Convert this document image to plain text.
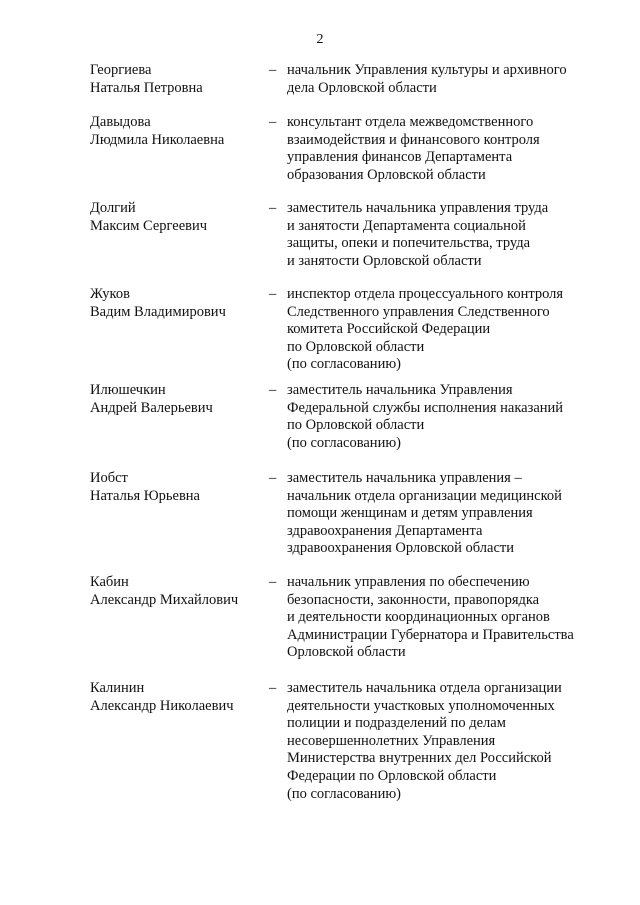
2
Георгиева
Наталья Петровна
– начальник Управления культуры и архивного
дела Орловской области
Давыдова
Людмила Николаевна
– консультант отдела межведомственного
взаимодействия и финансового контроля
управления финансов Департамента
образования Орловской области
Долгий
Максим Сергеевич
– заместитель начальника управления труда
и занятости Департамента социальной
защиты, опеки и попечительства, труда
и занятости Орловской области
Жуков
Вадим Владимирович
– инспектор отдела процессуального контроля
Следственного управления Следственного
комитета Российской Федерации
по Орловской области
(по согласованию)
Илюшечкин
Андрей Валерьевич
– заместитель начальника Управления
Федеральной службы исполнения наказаний
по Орловской области
(по согласованию)
Иобст
Наталья Юрьевна
– заместитель начальника управления –
начальник отдела организации медицинской
помощи женщинам и детям управления
здравоохранения Департамента
здравоохранения Орловской области
Кабин
Александр Михайлович
– начальник управления по обеспечению
безопасности, законности, правопорядка
и деятельности координационных органов
Администрации Губернатора и Правительства
Орловской области
Калинин
Александр Николаевич
– заместитель начальника отдела организации
деятельности участковых уполномоченных
полиции и подразделений по делам
несовершеннолетних Управления
Министерства внутренних дел Российской
Федерации по Орловской области
(по согласованию)
